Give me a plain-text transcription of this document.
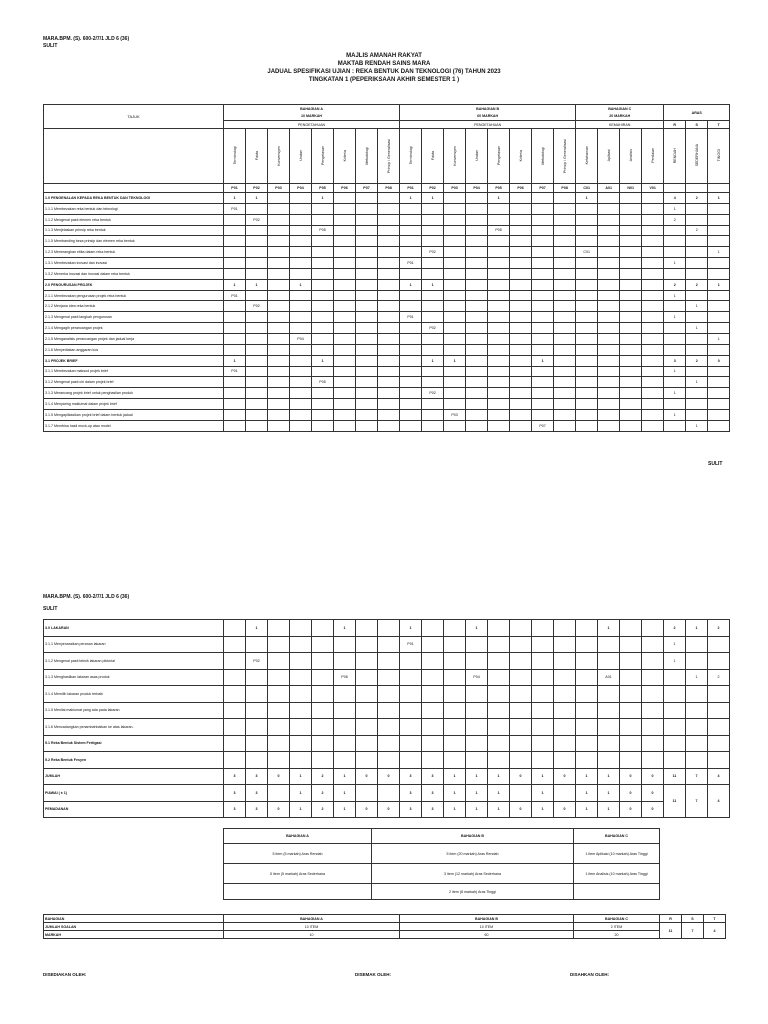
MARA.BPM. (S). 600-2/7/1 JLD 6 (36)
SULIT
MAJLIS AMANAH RAKYAT
MAKTAB RENDAH SAINS MARA
JADUAL SPESIFIKASI UJIAN : REKA BENTUK DAN TEKNOLOGI (76) TAHUN 2023
TINGKATAN 1 (PEPERIKSAAN AKHIR SEMESTER 1 )
TAJUK	BAHAGIAN A								BAHAGIAN B								BAHAGIAN C				ARAS		
	10 MARKAH								60 MARKAH								20 MARKAH						
	PENGETAHUAN								PENGETAHUAN								KEMAHIRAN				R	S	T
	Terminologi	Fakta	Konvensyen	Urutan	Pengelasan	Kriteria	Metodologi	Prinsip / Generalisasi	Terminologi	Fakta	Konvensyen	Urutan	Pengelasan	Kriteria	Metodologi	Prinsip / Generalisasi	Kefahaman	Aplikasi	Analisis	Penilaian	RENDAH	SEDERHANA	TINGGI
	P01	P02	P03	P04	P05	P06	P07	P08	P01	P02	P03	P04	P05	P06	P07	P08	C01	A01	N01	V01			
1.0 PENGENALAN KEPADA REKA BENTUK DAN TEKNOLOGI	1	1			1				1	1			1				1				4	2	1
1.1.1 Membezakan reka bentuk dan teknologi	P01																				1		
1.1.2 Mengenal pasti elemen reka bentuk		P02																			2		
1.1.3 Menjelaskan prinsip reka bentuk					P05								P05									2	
1.1.5 Membanding beza prinsip dan elemen reka bentuk																							
1.2.3 Menerangkan etika dalam reka bentuk										P02							C01						1
1.3.1 Membezakan inovasi dan inovasi									P01												1		
1.3.2 Menerka inovasi dan inovasi dalam reka bentuk																							
2.0 PENGURUSAN PROJEK	1	1		1					1	1											2	2	1
2.1.1 Membezakan pengurusan projek reka bentuk	P01																				1		
2.1.2 Menjana idea reka bentuk		P02																				1	
2.1.3 Mengenal pasti langkah pengurusan									P01												1		
2.1.4 Mengagih perancangan projek										P02												1	
2.1.5 Menganalisis perancangan projek dan jadual kerja				P04																			1
2.1.6 Menyediakan anggaran kos																							
3.1 PROJEK BRIEF	1				1					1	1				1						3	2	0
3.1.1 Membezakan maksud projek brief	P01																				1		
3.1.2 Mengenal pasti ciri dalam projek brief					P05																	1	
3.1.3 Merancang projek brief untuk penghasilan produk										P02											1		
3.1.4 Menyaring maklumat dalam projek brief																							
3.1.5 Mengaplikasikan projek brief dalam bentuk jadual											P03										1		
3.1.7 Membina hasil mock-up atau model															P07							1	
SULIT
MARA.BPM. (S). 600-2/7/1 JLD 6 (36)
SULIT
3.0 LAKARAN		1				1			1			1						1			2	1	2
3.1.1 Menyenaraikan peranan lakaran									P01												1		
3.1.2 Mengenal pasti teknik lakaran piktorial		P02																			1		
3.1.3 Menghasilkan lakaran asas produk						P06						P04						A01				1	2
3.1.4 Memilih lakaran produk terbaik																							
3.1.5 Menilai maklumat yang ada pada lakaran																							
3.1.6 Mencadangkan penambahbaikan ke atas lakaran.																							
5.1 Reka Bentuk Sistem Fertigasi																							
5.2 Reka Bentuk Fesyen																							
JUMLAH	3	3	0	1	2	1	0	0	3	3	1	1	1	0	1	0	1	1	0	0	11	7	4
PIAWAI ( ± 1)	3	3		1	2	1			3	3	1	1	1		1		1	1	0	0	11	7	4
PEMADANAN	3	3	0	1	2	1	0	0	3	3	1	1	1	0	1	0	1	1	0	0			
BAHAGIAN A	BAHAGIAN B	BAHAGIAN C
5 item (5 markah) Aras Rendah	5 item (20 markah) Aras Rendah	1 item Aplikasi (10 markah) Aras Tinggi
5 item (5 markah) Aras Sederhana	3 item (12 markah) Aras Sederhana	1 item Analisis (10 markah) Aras Tinggi
	2 item (8 markah) Aras Tinggi	
BAHAGIAN	BAHAGIAN A	BAHAGIAN B	BAHAGIAN C	R	S	T
JUMLAH SOALAN	10 ITEM	10 ITEM	2 ITEM	11	7	4
MARKAH	10	60	20			
DISEDIAKAN OLEH:	DISEMAK OLEH:	DISAHKAN OLEH:
